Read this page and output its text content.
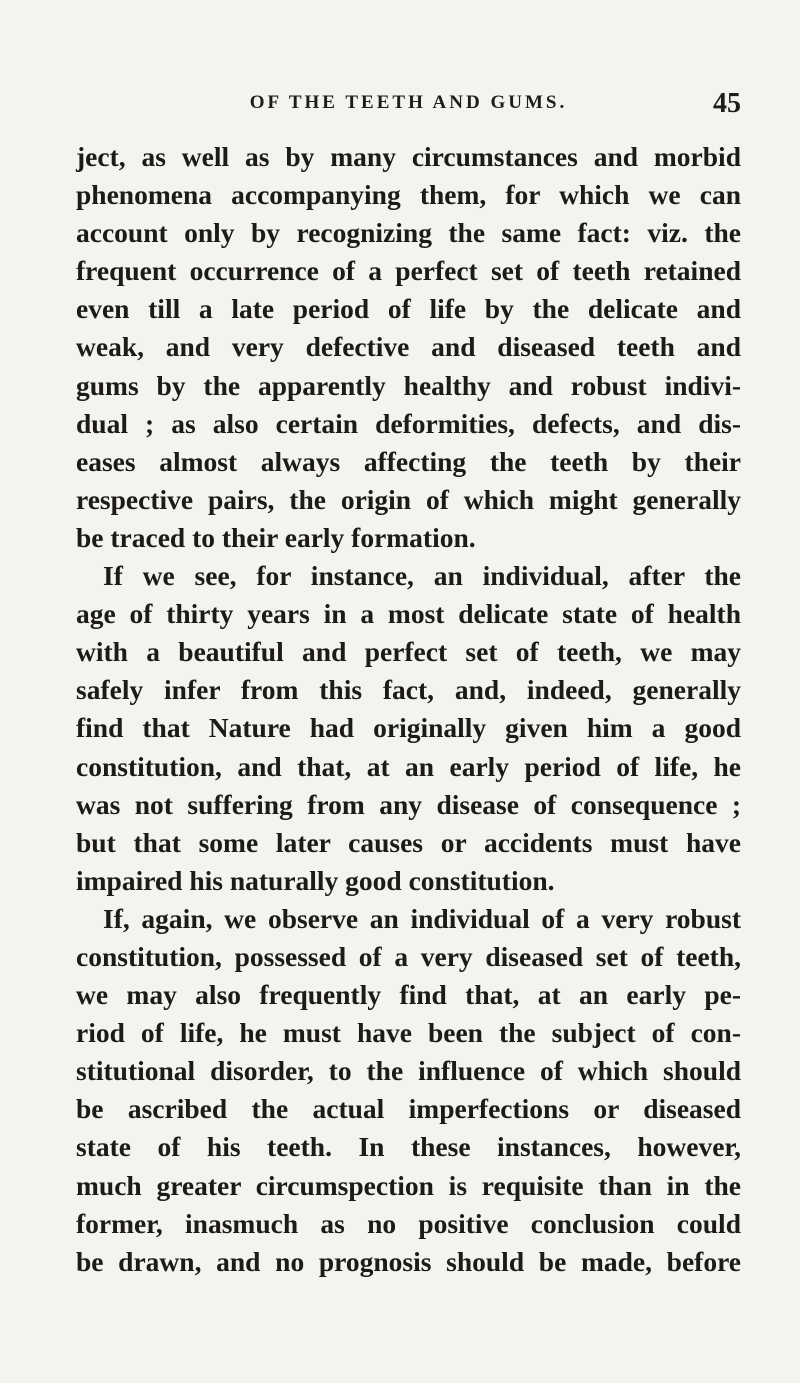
OF THE TEETH AND GUMS.	45
ject, as well as by many circumstances and morbid
phenomena accompanying them, for which we can
account only by recognizing the same fact: viz. the
frequent occurrence of a perfect set of teeth retained
even till a late period of life by the delicate and
weak, and very defective and diseased teeth and
gums by the apparently healthy and robust indivi-
dual ; as also certain deformities, defects, and dis-
eases almost always affecting the teeth by their
respective pairs, the origin of which might generally
be traced to their early formation.
If we see, for instance, an individual, after the
age of thirty years in a most delicate state of health
with a beautiful and perfect set of teeth, we may
safely infer from this fact, and, indeed, generally
find that Nature had originally given him a good
constitution, and that, at an early period of life, he
was not suffering from any disease of consequence ;
but that some later causes or accidents must have
impaired his naturally good constitution.
If, again, we observe an individual of a very robust
constitution, possessed of a very diseased set of teeth,
we may also frequently find that, at an early pe-
riod of life, he must have been the subject of con-
stitutional disorder, to the influence of which should
be ascribed the actual imperfections or diseased
state of his teeth. In these instances, however,
much greater circumspection is requisite than in the
former, inasmuch as no positive conclusion could
be drawn, and no prognosis should be made, before
